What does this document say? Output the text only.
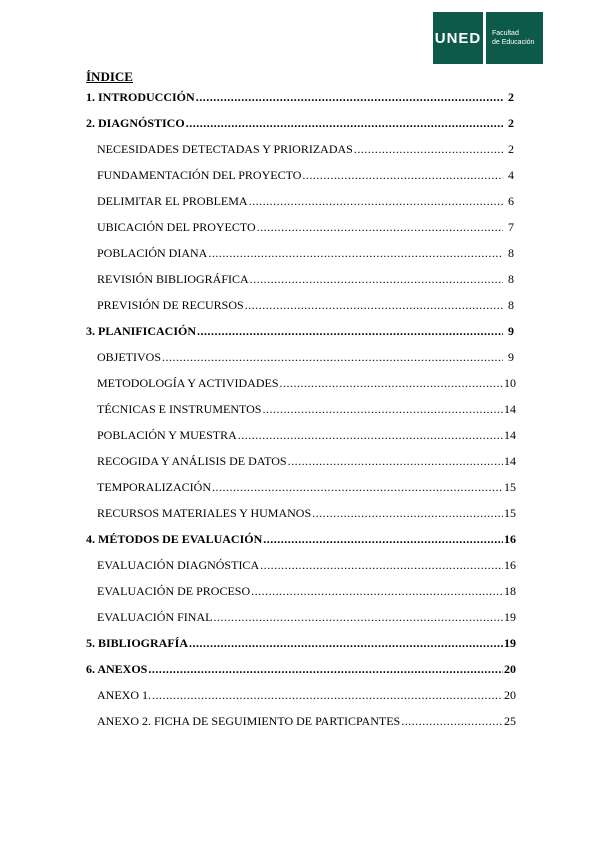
UNED Facultad
de Educación
ÍNDICE
1. INTRODUCCIÓN .....	2
2. DIAGNÓSTICO .....	2
NECESIDADES DETECTADAS Y PRIORIZADAS .....	2
FUNDAMENTACIÓN DEL PROYECTO .....	4
DELIMITAR EL PROBLEMA .....	6
UBICACIÓN DEL PROYECTO .....	7
POBLACIÓN DIANA .....	8
REVISIÓN BIBLIOGRÁFICA .....	8
PREVISIÓN DE RECURSOS .....	8
3. PLANIFICACIÓN .....	9
OBJETIVOS .....	9
METODOLOGÍA Y ACTIVIDADES .....	10
TÉCNICAS E INSTRUMENTOS .....	14
POBLACIÓN Y MUESTRA .....	14
RECOGIDA Y ANÁLISIS DE DATOS .....	14
TEMPORALIZACIÓN .....	15
RECURSOS MATERIALES Y HUMANOS .....	15
4. MÉTODOS DE EVALUACIÓN .....	16
EVALUACIÓN DIAGNÓSTICA .....	16
EVALUACIÓN DE PROCESO .....	18
EVALUACIÓN FINAL .....	19
5. BIBLIOGRAFÍA .....	19
6. ANEXOS .....	20
ANEXO 1. .....	20
ANEXO 2. FICHA DE SEGUIMIENTO DE PARTICPANTES .....	25
